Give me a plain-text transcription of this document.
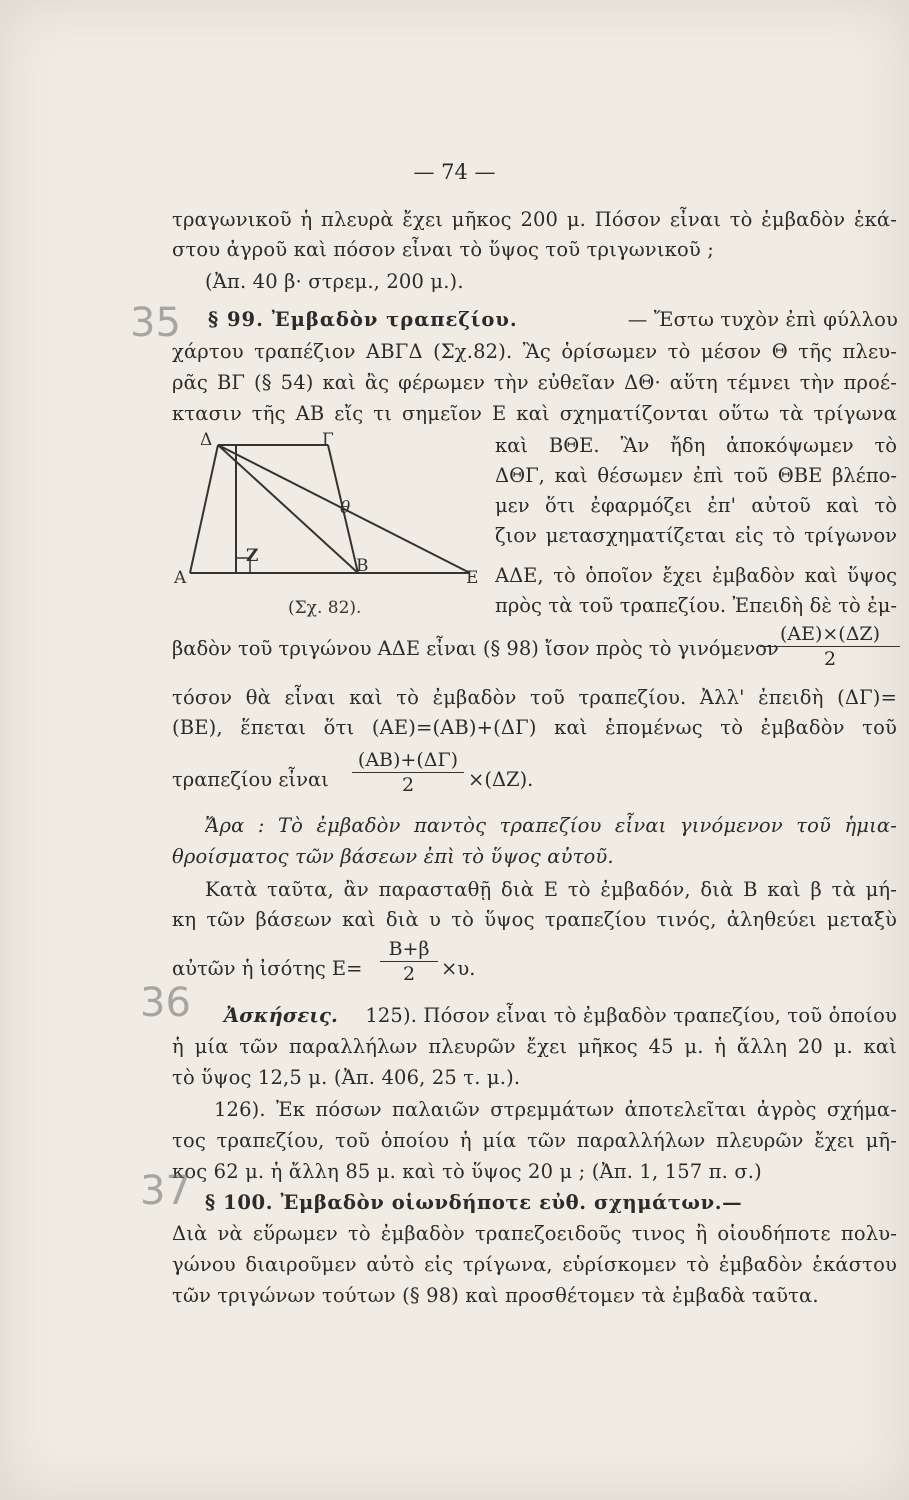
— 74 —
τραγωνικοῦ ἡ πλευρὰ ἔχει μῆκος 200 μ. Πόσον εἶναι τὸ ἐμβαδὸν ἑκά-
στου ἀγροῦ καὶ πόσον εἶναι τὸ ὕψος τοῦ τριγωνικοῦ ;
(Ἀπ. 40 β· στρεμ., 200 μ.).
§ 99. Ἐμβαδὸν τραπεζίου.	— Ἔστω τυχὸν ἐπὶ φύλλου
χάρτου τραπέζιον ΑΒΓΔ (Σχ.82). Ἂς ὁρίσωμεν τὸ μέσον Θ τῆς πλευ-
ρᾶς ΒΓ (§ 54) καὶ ἂς φέρωμεν τὴν εὐθεῖαν ΔΘ· αὕτη τέμνει τὴν προέ-
κτασιν τῆς ΑΒ εἴς τι σημεῖον Ε καὶ σχηματίζονται οὕτω τὰ τρίγωνα
Δ	Γ
θ
Z
Α
Β
Ε
(Σχ. 82).
καὶ ΒΘΕ. Ἂν ἤδη ἀποκόψωμεν τὸ
ΔΘΓ, καὶ θέσωμεν ἐπὶ τοῦ ΘΒΕ βλέπο-
μεν ὅτι ἐφαρμόζει ἐπ' αὐτοῦ καὶ τὸ
ζιον μετασχηματίζεται εἰς τὸ τρίγωνον
ΑΔΕ, τὸ ὁποῖον ἔχει ἐμβαδὸν καὶ ὕψος
πρὸς τὰ τοῦ τραπεζίου. Ἐπειδὴ δὲ τὸ ἐμ-
βαδὸν τοῦ τριγώνου ΑΔΕ εἶναι (§ 98) ἴσον πρὸς τὸ γινόμενον
$\frac{(AE)\times(\Delta Z)}{2}$
τόσον θὰ εἶναι καὶ τὸ ἐμβαδὸν τοῦ τραπεζίου. Ἀλλ' ἐπειδὴ (ΔΓ)=
(ΒΕ), ἕπεται ὅτι (ΑΕ)=(ΑΒ)+(ΔΓ) καὶ ἑπομένως τὸ ἐμβαδὸν τοῦ
τραπεζίου εἶναι $\frac{(AB)+(\Delta\Gamma)}{2} \times(\Delta Z)$.
Ἄρα : Τὸ ἐμβαδὸν παντὸς τραπεζίου εἶναι γινόμενον τοῦ ἡμια-
θροίσματος τῶν βάσεων ἐπὶ τὸ ὕψος αὐτοῦ.
Κατὰ ταῦτα, ἂν παρασταθῇ διὰ Ε τὸ ἐμβαδόν, διὰ Β καὶ β τὰ μή-
κη τῶν βάσεων καὶ διὰ υ τὸ ὕψος τραπεζίου τινός, ἀληθεύει μεταξὺ
αὐτῶν ἡ ἰσότης $E= \frac{B+\beta}{2} \times\upsilon$.
Ἀσκήσεις. 125). Πόσον εἶναι τὸ ἐμβαδὸν τραπεζίου, τοῦ ὁποίου
ἡ μία τῶν παραλλήλων πλευρῶν ἔχει μῆκος 45 μ. ἡ ἄλλη 20 μ. καὶ
τὸ ὕψος 12,5 μ. (Ἀπ. 406, 25 τ. μ.).
126). Ἐκ πόσων παλαιῶν στρεμμάτων ἀποτελεῖται ἀγρὸς σχήμα-
τος τραπεζίου, τοῦ ὁποίου ἡ μία τῶν παραλλήλων πλευρῶν ἔχει μῆ-
κος 62 μ. ἡ ἄλλη 85 μ. καὶ τὸ ὕψος 20 μ ; (Ἀπ. 1, 157 π. σ.)
§ 100. Ἐμβαδὸν οἱωνδήποτε εὐθ. σχημάτων.—
Διὰ νὰ εὕρωμεν τὸ ἐμβαδὸν τραπεζοειδοῦς τινος ἢ οἱουδήποτε πολυ-
γώνου διαιροῦμεν αὐτὸ εἰς τρίγωνα, εὑρίσκομεν τὸ ἐμβαδὸν ἑκάστου
τῶν τριγώνων τούτων (§ 98) καὶ προσθέτομεν τὰ ἐμβαδὰ ταῦτα.
35
36
37
